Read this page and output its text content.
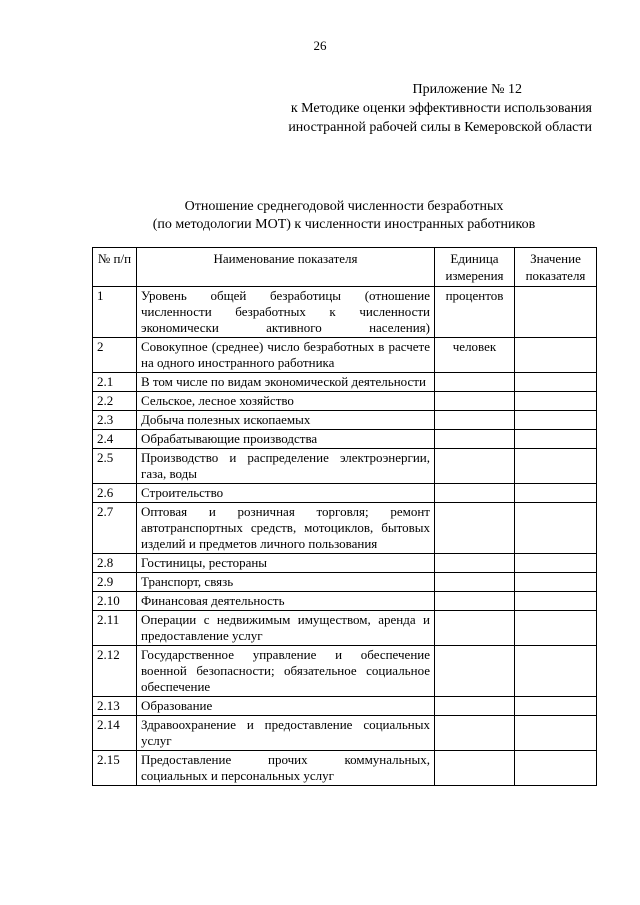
26
Приложение № 12
к Методике оценки эффективности использования
иностранной рабочей силы в Кемеровской области
Отношение среднегодовой численности безработных
(по методологии МОТ) к численности иностранных работников
№ п/п	Наименование показателя	Единица измерения	Значение показателя
1	Уровень общей безработицы (отношение численности безработных к численности экономически активного населения)	процентов	
2	Совокупное (среднее) число безработных в расчете на одного иностранного работника	человек	
2.1	В том числе по видам экономической деятельности		
2.2	Сельское, лесное хозяйство		
2.3	Добыча полезных ископаемых		
2.4	Обрабатывающие производства		
2.5	Производство и распределение электроэнергии, газа, воды		
2.6	Строительство		
2.7	Оптовая и розничная торговля; ремонт автотранспортных средств, мотоциклов, бытовых изделий и предметов личного пользования		
2.8	Гостиницы, рестораны		
2.9	Транспорт, связь		
2.10	Финансовая деятельность		
2.11	Операции с недвижимым имуществом, аренда и предоставление услуг		
2.12	Государственное управление и обеспечение военной безопасности; обязательное социальное обеспечение		
2.13	Образование		
2.14	Здравоохранение и предоставление социальных услуг		
2.15	Предоставление прочих коммунальных, социальных и персональных услуг		
